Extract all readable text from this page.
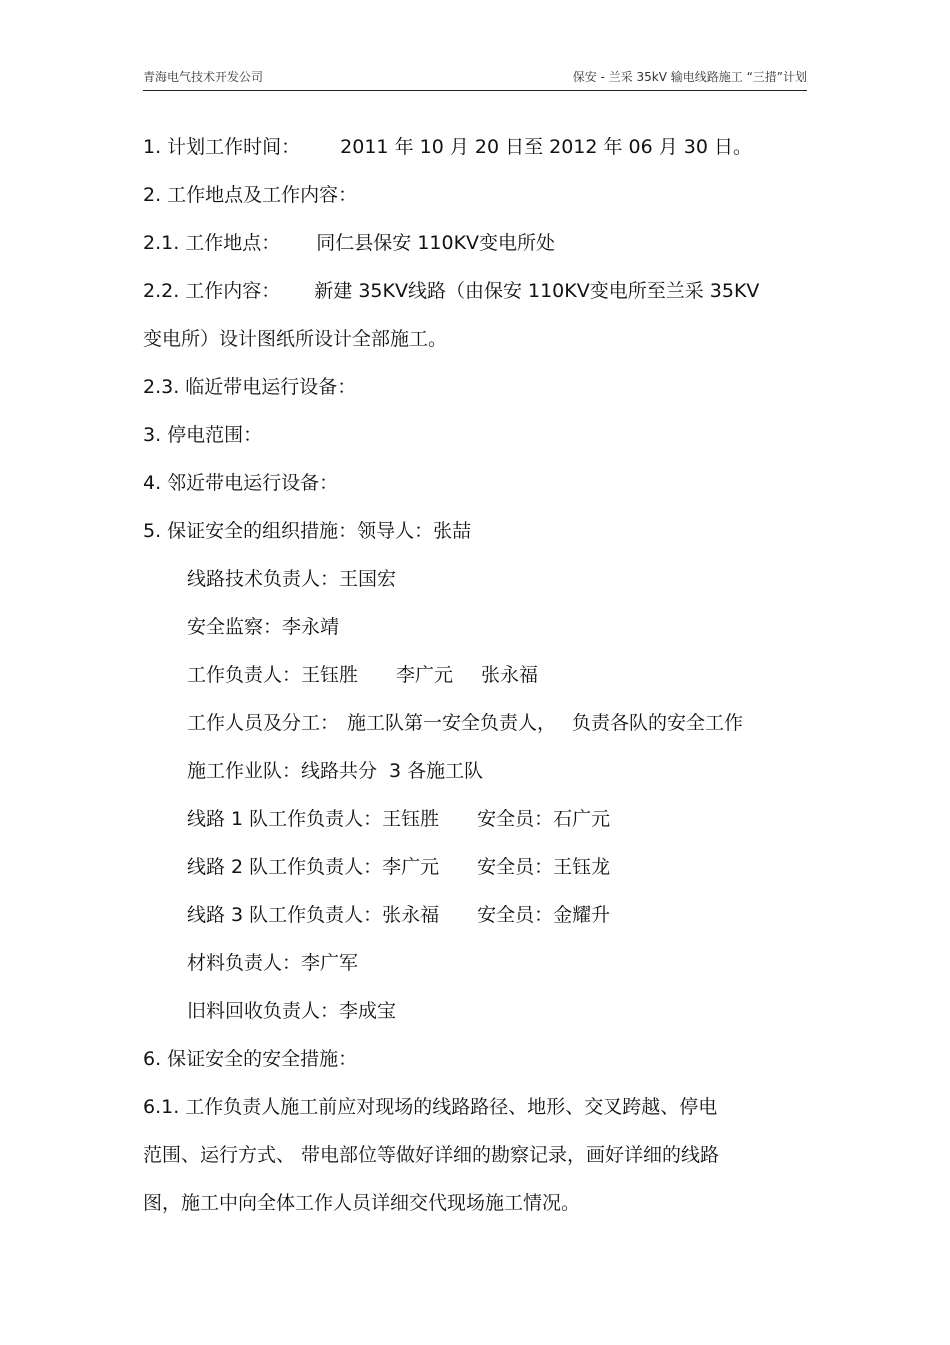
青海电气技术开发公司	保安 - 兰采 35kV 输电线路施工 “三措”计划
1. 计划工作时间： 2011 年 10 月 20 日至 2012 年 06 月 30 日。
2. 工作地点及工作内容：
2.1. 工作地点： 同仁县保安 110KV变电所处
2.2. 工作内容： 新建 35KV线路（由保安 110KV变电所至兰采 35KV
变电所）设计图纸所设计全部施工。
2.3. 临近带电运行设备：
3. 停电范围：
4. 邻近带电运行设备：
5. 保证安全的组织措施：领导人：张喆
线路技术负责人：王国宏
安全监察：李永靖
工作负责人：王钰胜 李广元 张永福
工作人员及分工： 施工队第一安全负责人， 负责各队的安全工作
施工作业队：线路共分 3 各施工队
线路 1 队工作负责人：王钰胜 安全员：石广元
线路 2 队工作负责人：李广元 安全员：王钰龙
线路 3 队工作负责人：张永福 安全员：金耀升
材料负责人：李广军
旧料回收负责人：李成宝
6. 保证安全的安全措施：
6.1. 工作负责人施工前应对现场的线路路径、地形、交叉跨越、停电
范围、运行方式、 带电部位等做好详细的勘察记录，画好详细的线路
图，施工中向全体工作人员详细交代现场施工情况。
